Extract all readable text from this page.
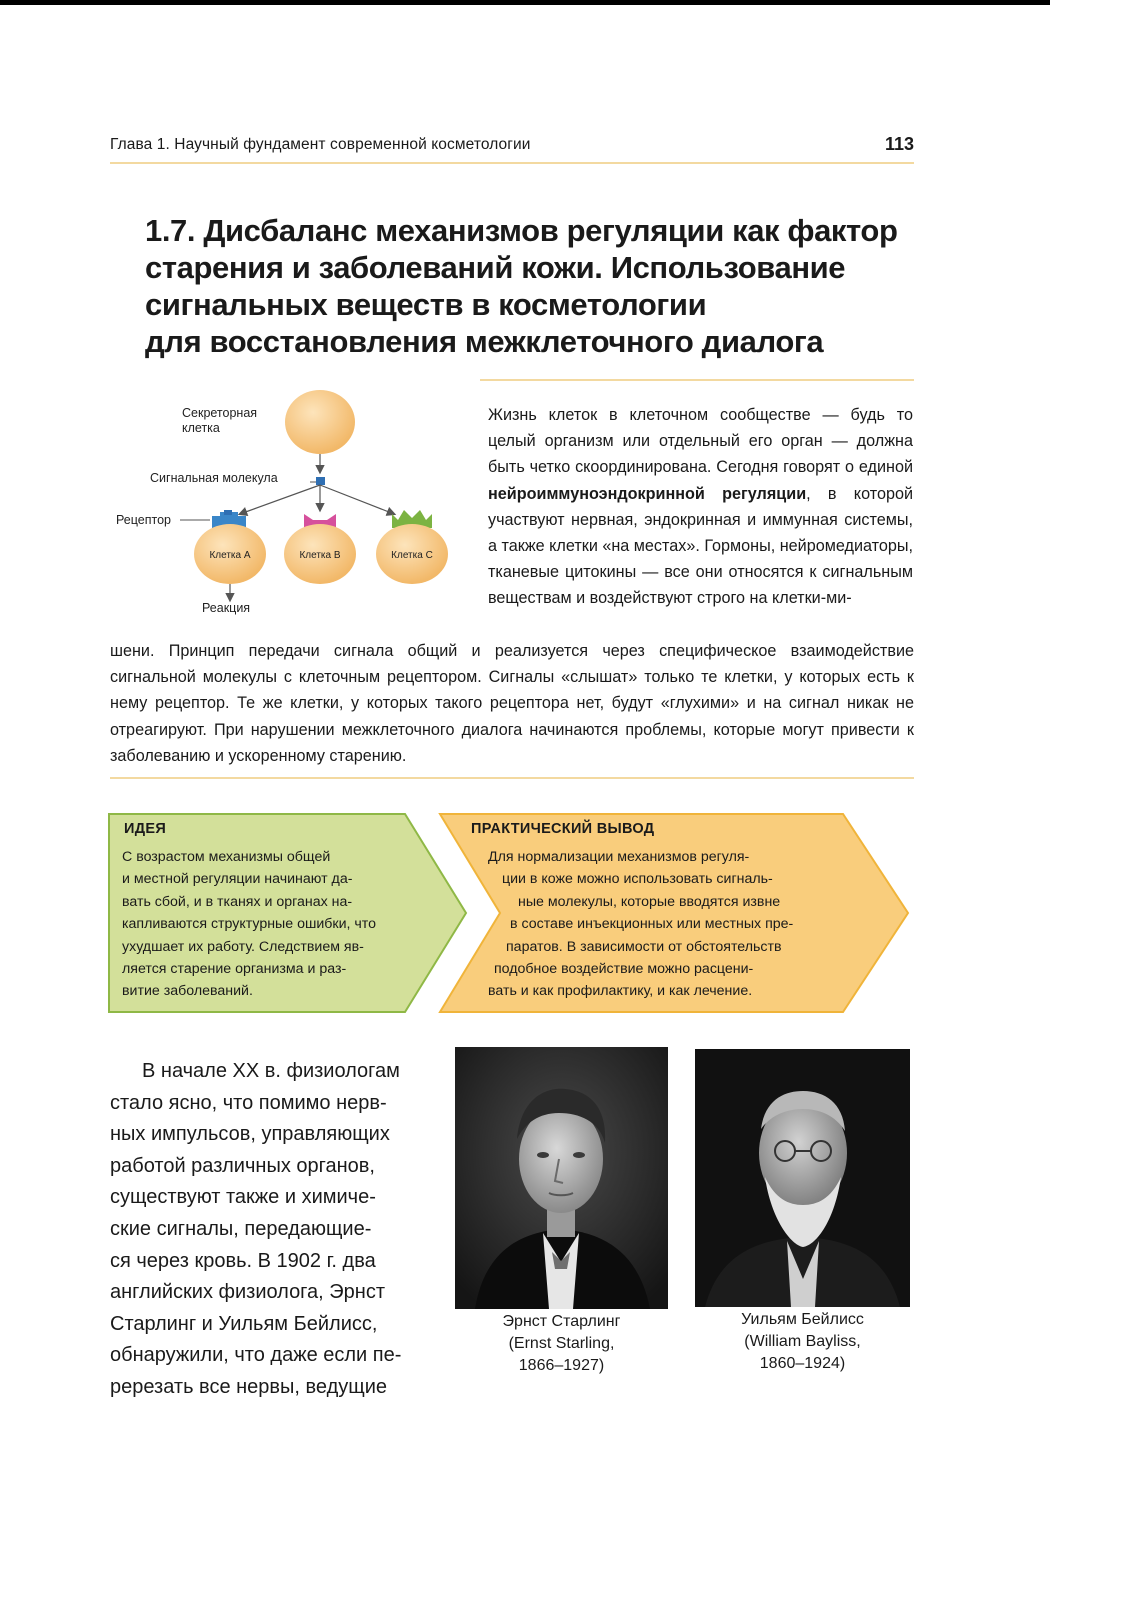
Глава 1. Научный фундамент современной косметологии	113
1.7. Дисбаланс механизмов регуляции как фактор
старения и заболеваний кожи. Использование
сигнальных веществ в косметологии
для восстановления межклеточного диалога
Секреторная
клетка
Сигнальная молекула
Рецептор
Клетка A
Реакция
Клетка B	Клетка C

Жизнь клеток в клеточном сообществе — будь то целый организм или отдельный его орган — должна быть четко скоординирована. Сегодня говорят о единой нейроиммуноэндокринной регуляции, в которой участвуют нервная, эндокринная и иммунная системы, а также клетки «на местах». Гормоны, нейромедиаторы, тканевые цитокины — все они относятся к сигнальным веществам и воздействуют строго на клетки-ми-

шени. Принцип передачи сигнала общий и реализуется через специфическое взаимодействие сигнальной молекулы с клеточным рецептором. Сигналы «слышат» только те клетки, у которых есть к нему рецептор. Те же клетки, у которых такого рецептора нет, будут «глухими» и на сигнал никак не отреагируют. При нарушении межклеточного диалога начинаются проблемы, которые могут привести к заболеванию и ускоренному старению.

ИДЕЯ
С возрастом механизмы общей
и местной регуляции начинают да-
вать сбой, и в тканях и органах на-
капливаются структурные ошибки, что
ухудшает их работу. Следствием яв-
ляется старение организма и раз-
витие заболеваний.
ПРАКТИЧЕСКИЙ ВЫВОД
Для нормализации механизмов регуля-
ции в коже можно использовать сигналь-
ные молекулы, которые вводятся извне
в составе инъекционных или местных пре-
паратов. В зависимости от обстоятельств
подобное воздействие можно расцени-
вать и как профилактику, и как лечение.
В начале XX в. физиологам
стало ясно, что помимо нерв-
ных импульсов, управляющих
работой различных органов,
существуют также и химиче-
ские сигналы, передающие-
ся через кровь. В 1902 г. два
английских физиолога, Эрнст
Старлинг и Уильям Бейлисс,
обнаружили, что даже если пе-
ререзать все нервы, ведущие
Эрнст Старлинг
(Ernst Starling,
1866–1927)
Уильям Бейлисс
(William Bayliss,
1860–1924)
